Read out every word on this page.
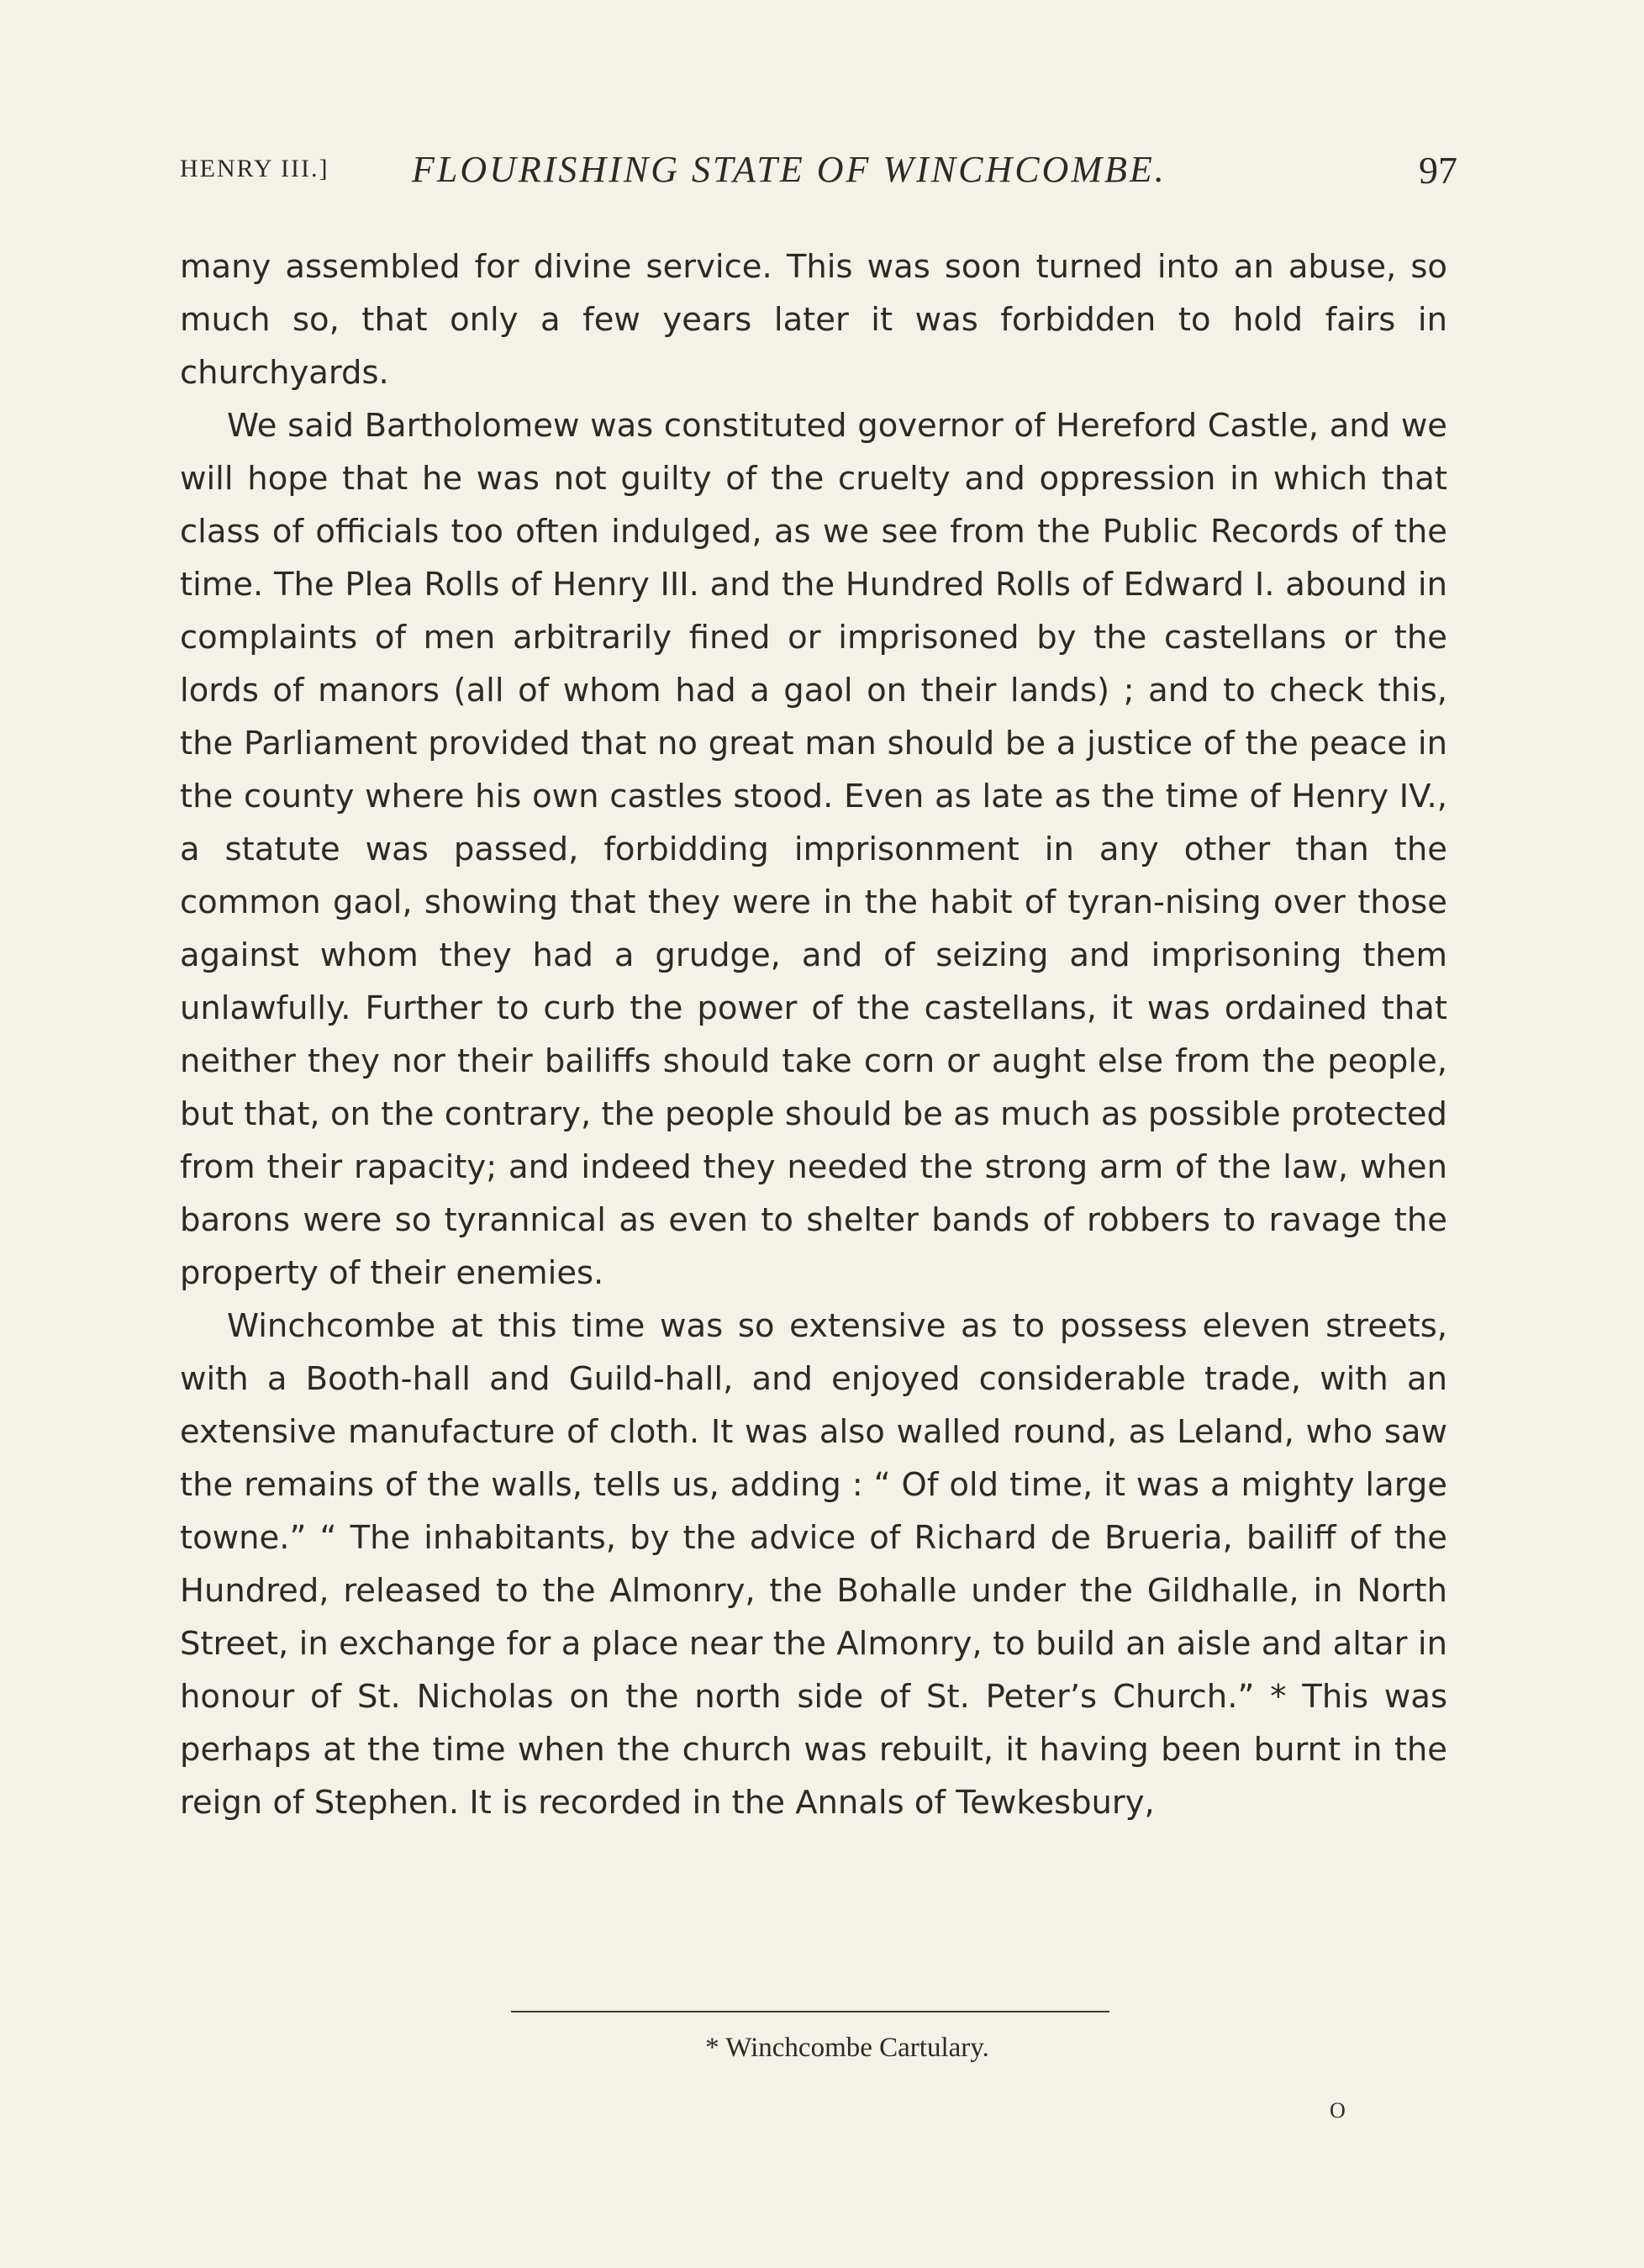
HENRY III.] FLOURISHING STATE OF WINCHCOMBE.	97

many assembled for divine service. This was soon turned into an abuse, so much so, that only a few years later it was forbidden to hold fairs in churchyards.

We said Bartholomew was constituted governor of Hereford Castle, and we will hope that he was not guilty of the cruelty and oppression in which that class of officials too often indulged, as we see from the Public Records of the time. The Plea Rolls of Henry III. and the Hundred Rolls of Edward I. abound in complaints of men arbitrarily fined or imprisoned by the castellans or the lords of manors (all of whom had a gaol on their lands) ; and to check this, the Parliament provided that no great man should be a justice of the peace in the county where his own castles stood. Even as late as the time of Henry IV., a statute was passed, forbidding imprisonment in any other than the common gaol, showing that they were in the habit of tyran-nising over those against whom they had a grudge, and of seizing and imprisoning them unlawfully. Further to curb the power of the castellans, it was ordained that neither they nor their bailiffs should take corn or aught else from the people, but that, on the contrary, the people should be as much as possible protected from their rapacity; and indeed they needed the strong arm of the law, when barons were so tyrannical as even to shelter bands of robbers to ravage the property of their enemies.

Winchcombe at this time was so extensive as to possess eleven streets, with a Booth-hall and Guild-hall, and enjoyed considerable trade, with an extensive manufacture of cloth. It was also walled round, as Leland, who saw the remains of the walls, tells us, adding : “ Of old time, it was a mighty large towne.” “ The inhabitants, by the advice of Richard de Brueria, bailiff of the Hundred, released to the Almonry, the Bohalle under the Gildhalle, in North Street, in exchange for a place near the Almonry, to build an aisle and altar in honour of St. Nicholas on the north side of St. Peter’s Church.” * This was perhaps at the time when the church was rebuilt, it having been burnt in the reign of Stephen. It is recorded in the Annals of Tewkesbury,

* Winchcombe Cartulary.
O
